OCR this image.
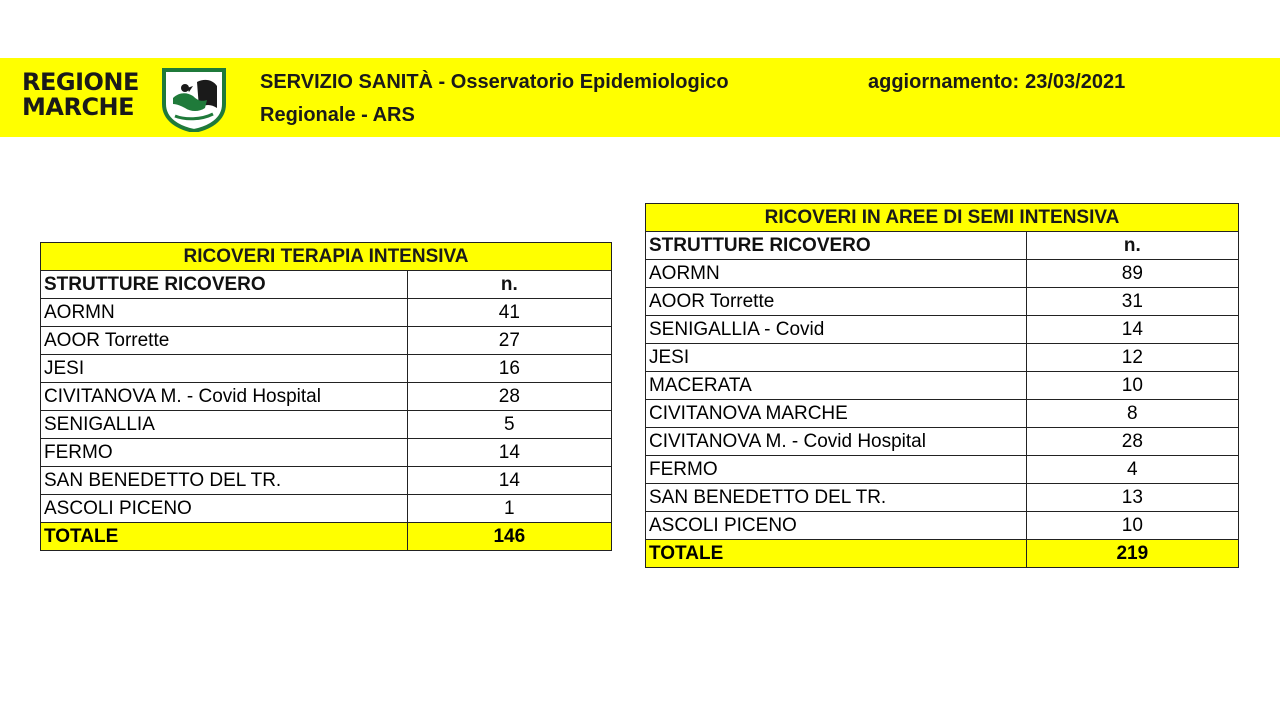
REGIONE
MARCHE
SERVIZIO SANITÀ - Osservatorio Epidemiologico
Regionale - ARS
aggiornamento: 23/03/2021
RICOVERI TERAPIA INTENSIVA	
STRUTTURE RICOVERO	n.
AORMN	41
AOOR Torrette	27
JESI	16
CIVITANOVA M. - Covid Hospital	28
SENIGALLIA	5
FERMO	14
SAN BENEDETTO DEL TR.	14
ASCOLI PICENO	1
TOTALE	146
RICOVERI IN AREE DI SEMI INTENSIVA	
STRUTTURE RICOVERO	n.
AORMN	89
AOOR Torrette	31
SENIGALLIA - Covid	14
JESI	12
MACERATA	10
CIVITANOVA MARCHE	8
CIVITANOVA M. - Covid Hospital	28
FERMO	4
SAN BENEDETTO DEL TR.	13
ASCOLI PICENO	10
TOTALE	219
